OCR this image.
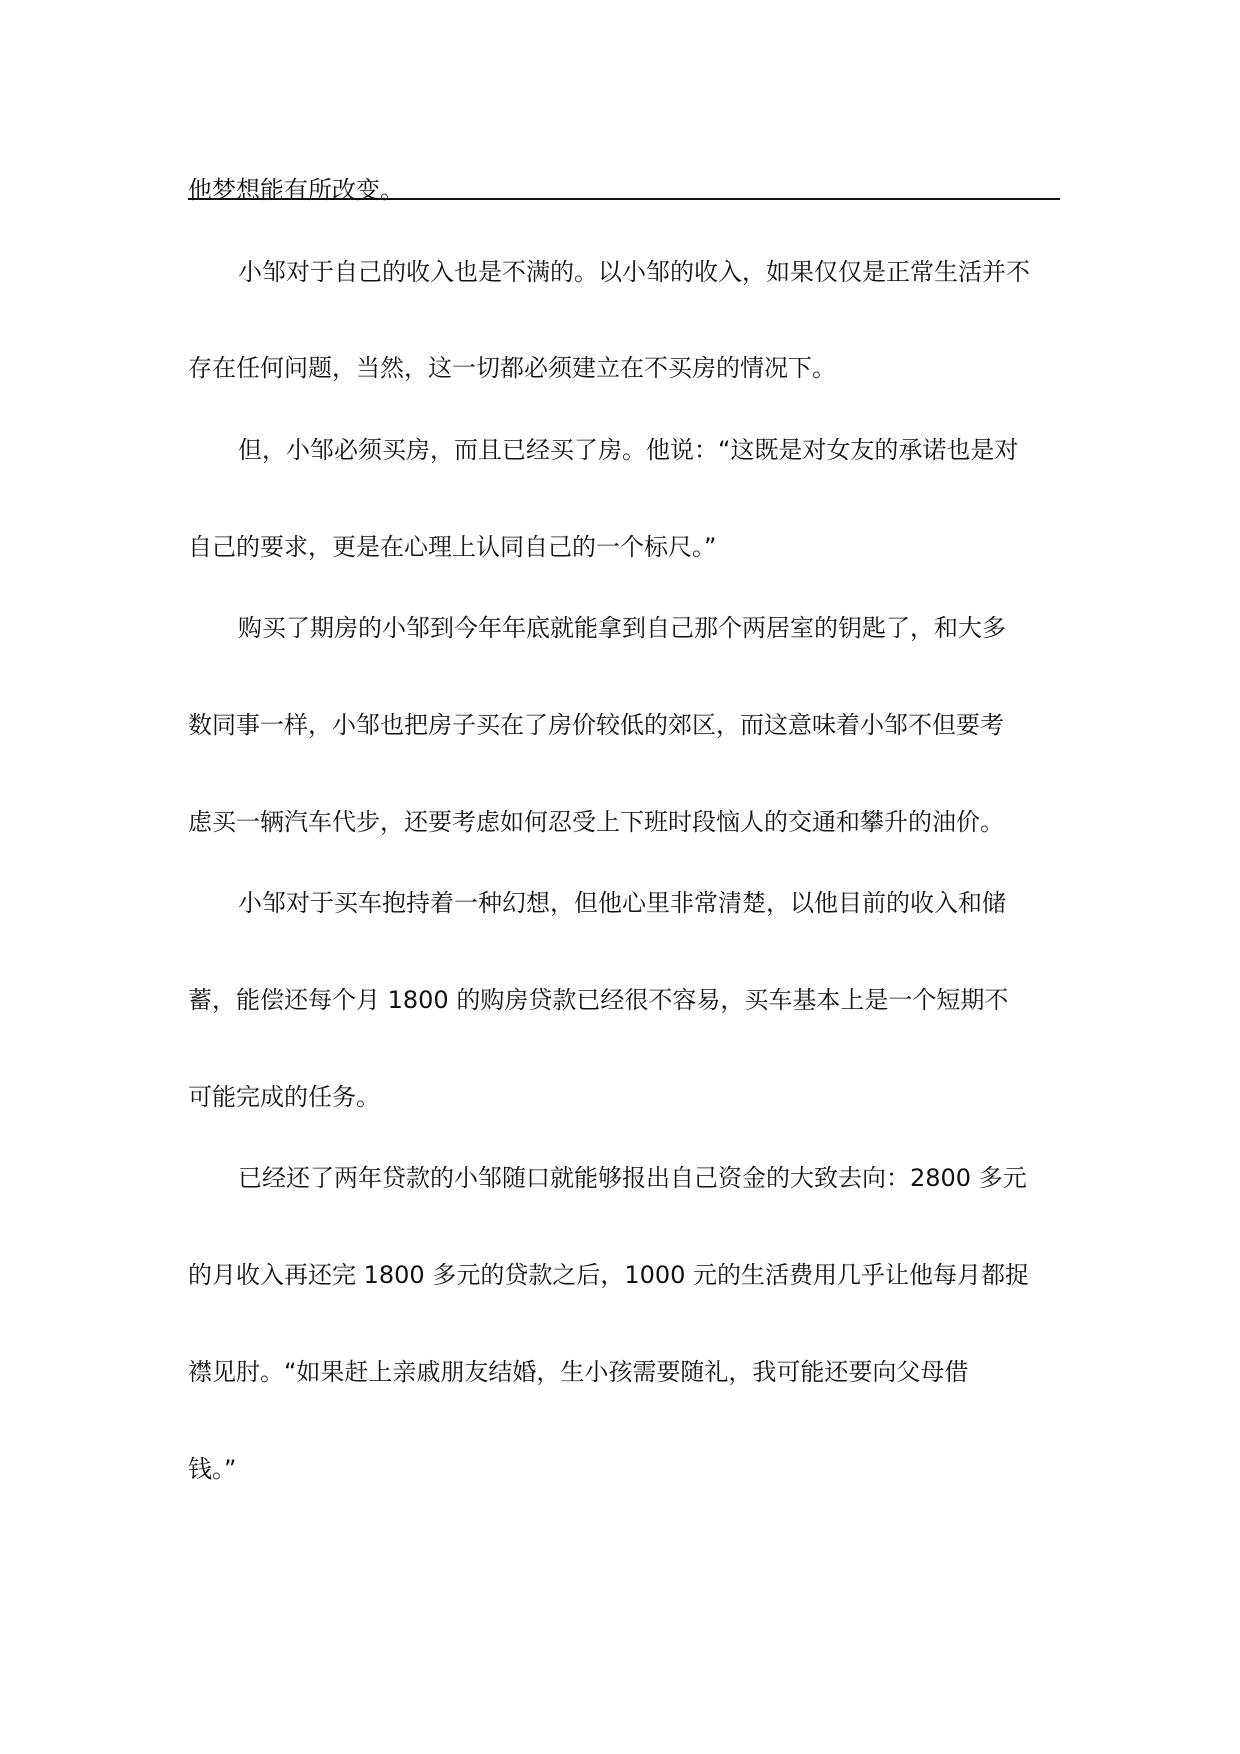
他梦想能有所改变。
小邹对于自己的收入也是不满的。以小邹的收入，如果仅仅是正常生活并不
存在任何问题，当然，这一切都必须建立在不买房的情况下。
但，小邹必须买房，而且已经买了房。他说：“这既是对女友的承诺也是对
自己的要求，更是在心理上认同自己的一个标尺。”
购买了期房的小邹到今年年底就能拿到自己那个两居室的钥匙了，和大多
数同事一样，小邹也把房子买在了房价较低的郊区，而这意味着小邹不但要考
虑买一辆汽车代步，还要考虑如何忍受上下班时段恼人的交通和攀升的油价。
小邹对于买车抱持着一种幻想，但他心里非常清楚，以他目前的收入和储
蓄，能偿还每个月 1800 的购房贷款已经很不容易，买车基本上是一个短期不
可能完成的任务。
已经还了两年贷款的小邹随口就能够报出自己资金的大致去向：2800 多元
的月收入再还完 1800 多元的贷款之后，1000 元的生活费用几乎让他每月都捉
襟见肘。“如果赶上亲戚朋友结婚，生小孩需要随礼，我可能还要向父母借
钱。”
